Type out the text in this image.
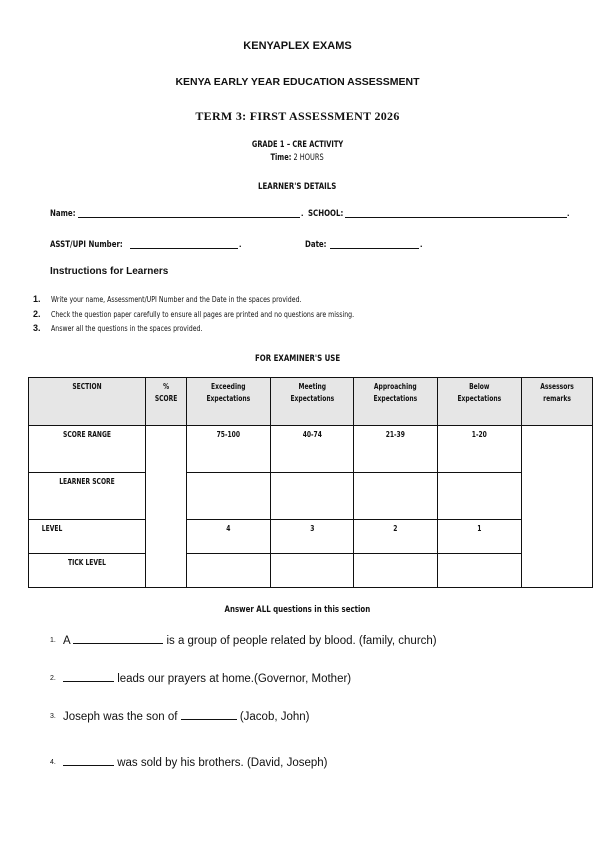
KENYAPLEX EXAMS
KENYA EARLY YEAR EDUCATION ASSESSMENT
TERM 3: FIRST ASSESSMENT 2026
GRADE 1 – CRE ACTIVITY
Time: 2 HOURS
LEARNER'S DETAILS
Name:	. SCHOOL:	.
ASST/UPI Number:	.	Date:	.
Instructions for Learners
1. Write your name, Assessment/UPI Number and the Date in the spaces provided.
2. Check the question paper carefully to ensure all pages are printed and no questions are missing.
3. Answer all the questions in the spaces provided.
FOR EXAMINER'S USE
SECTION	% SCORE	Exceeding Expectations	Meeting Expectations	Approaching Expectations	Below Expectations	Assessors remarks

SCORE RANGE		75-100	40-74	21-39	1-20	

LEARNER SCORE						

LEVEL		4	3	2	1	

TICK LEVEL						

Answer ALL questions in this section
1. A	is a group of people related by blood. (family, church)
2.	leads our prayers at home.(Governor, Mother)
3. Joseph was the son of	(Jacob, John)
4.	was sold by his brothers. (David, Joseph)
